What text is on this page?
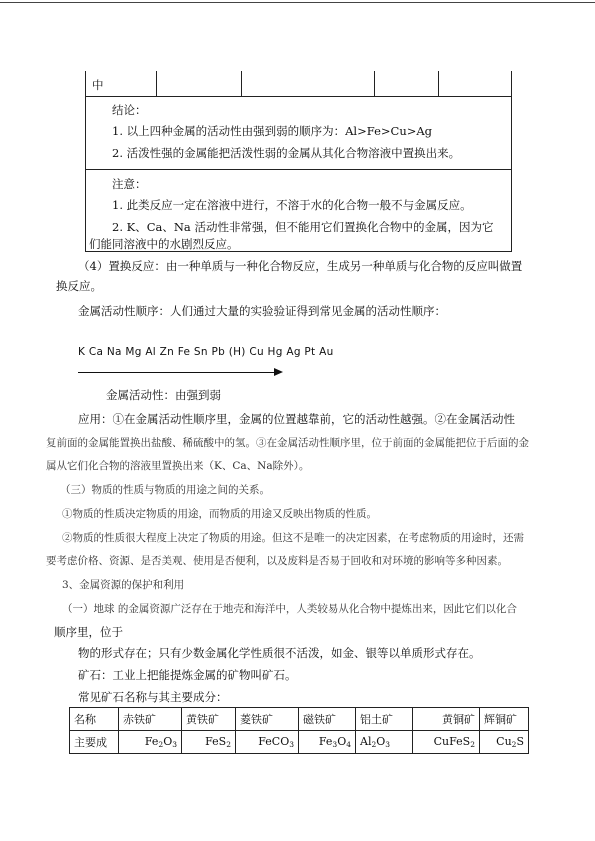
中
结论：
1. 以上四种金属的活动性由强到弱的顺序为：Al>Fe>Cu>Ag
2. 活泼性强的金属能把活泼性弱的金属从其化合物溶液中置换出来。
注意：
1. 此类反应一定在溶液中进行，不溶于水的化合物一般不与金属反应。
2. K、Ca、Na 活动性非常强，但不能用它们置换化合物中的金属，因为它
们能同溶液中的水剧烈反应。
（4）置换反应：由一种单质与一种化合物反应，生成另一种单质与化合物的反应叫做置
换反应。
金属活动性顺序：人们通过大量的实验验证得到常见金属的活动性顺序：
K Ca Na Mg Al Zn Fe Sn Pb (H) Cu Hg Ag Pt Au
金属活动性：由强到弱
应用：①在金属活动性顺序里，金属的位置越靠前，它的活动性越强。②在金属活动性
复前面的金属能置换出盐酸、稀硫酸中的氢。③在金属活动性顺序里，位于前面的金属能把位于后面的金
属从它们化合物的溶液里置换出来（K、Ca、Na除外）。
（三）物质的性质与物质的用途之间的关系。
①物质的性质决定物质的用途，而物质的用途又反映出物质的性质。
②物质的性质很大程度上决定了物质的用途。但这不是唯一的决定因素，在考虑物质的用途时，还需
要考虑价格、资源、是否美观、使用是否便利，以及废料是否易于回收和对环境的影响等多种因素。
3、金属资源的保护和利用
（一）地球 的金属资源广泛存在于地壳和海洋中，人类较易从化合物中提炼出来，因此它们以化合
顺序里，位于
物的形式存在；只有少数金属化学性质很不活泼，如金、银等以单质形式存在。
矿石：工业上把能提炼金属的矿物叫矿石。
常见矿石名称与其主要成分：
名称	赤铁矿	黄铁矿	菱铁矿	磁铁矿	铝土矿	黄铜矿	辉铜矿
主要成	$Fe_2O_3$	FeS$_2$	FeCO$_3$	$Fe_3O_4$	$Al_2O_3$	CuFeS$_2$	$Cu_2S$
